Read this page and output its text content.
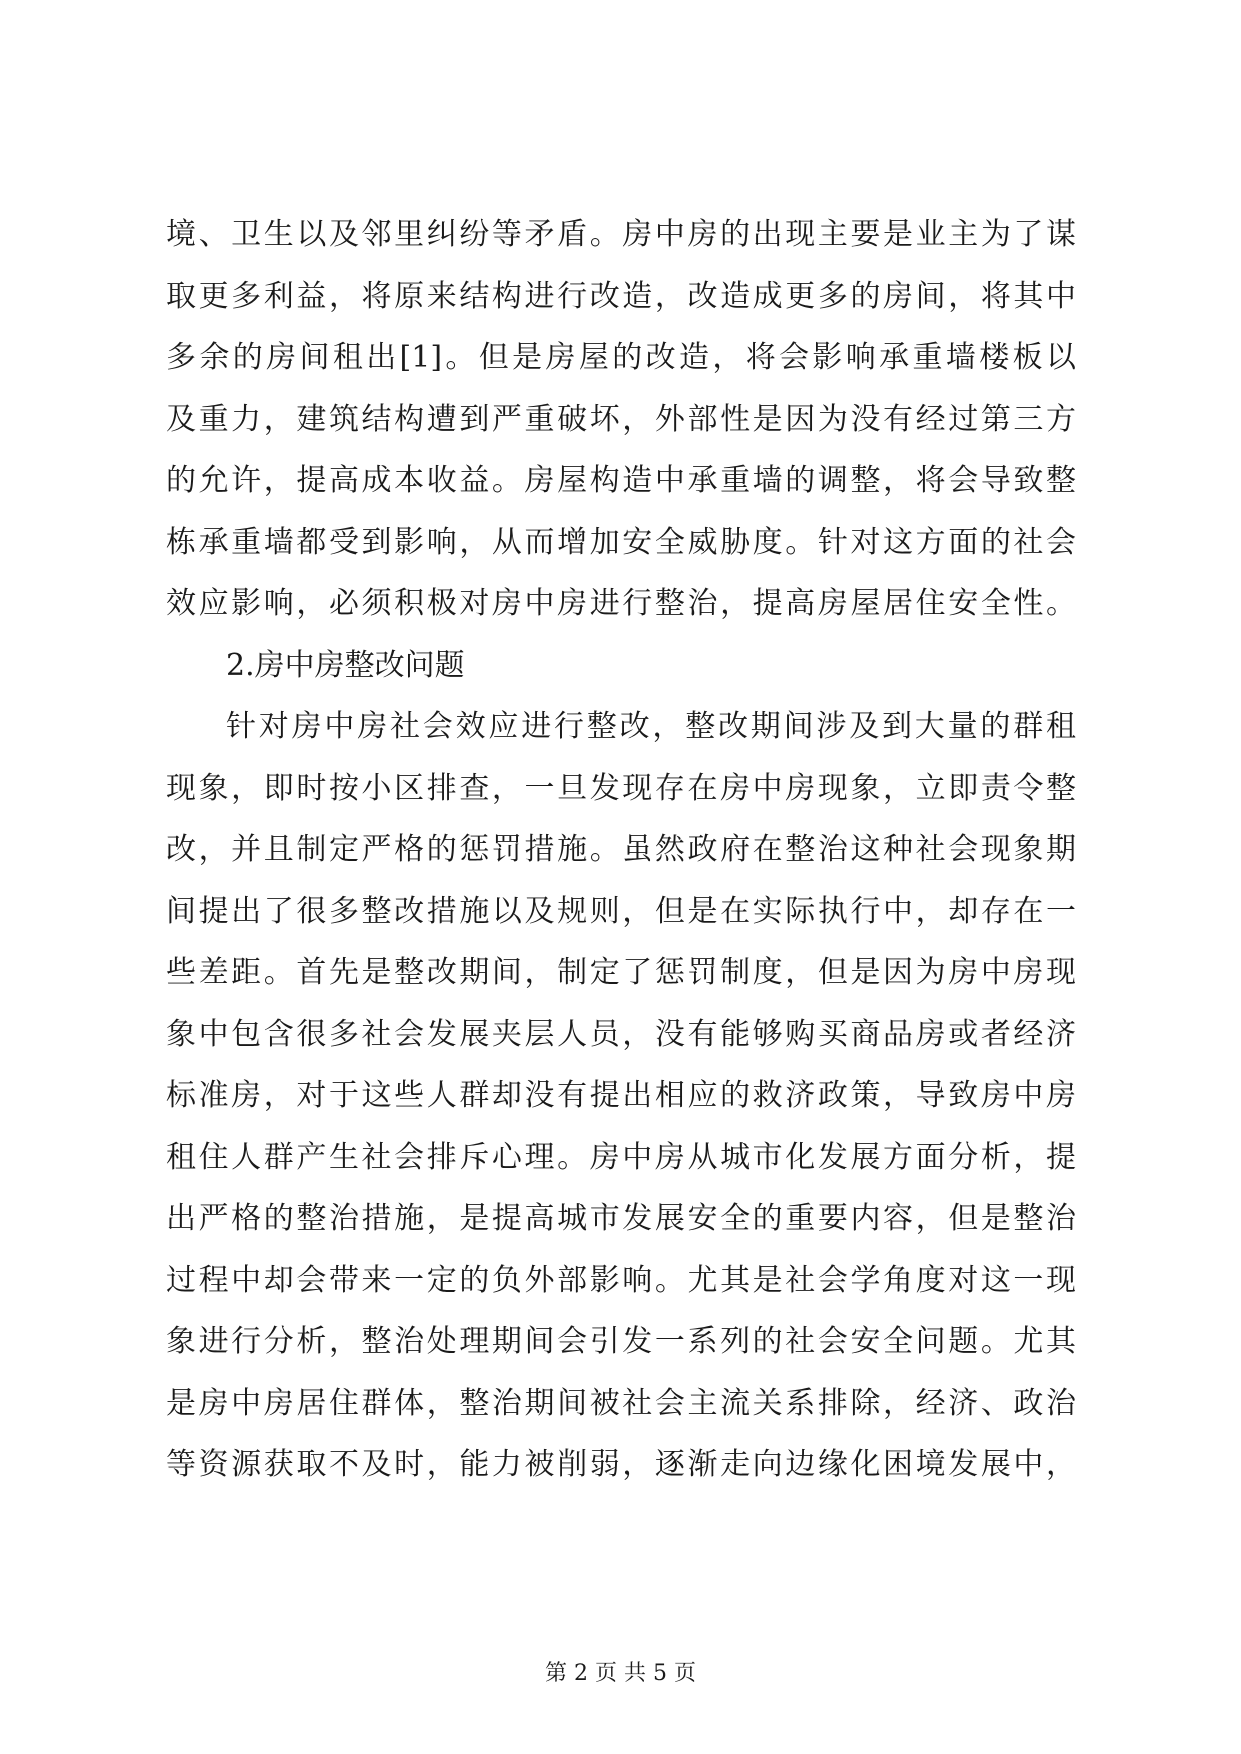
境、卫生以及邻里纠纷等矛盾。房中房的出现主要是业主为了谋
取更多利益，将原来结构进行改造，改造成更多的房间，将其中
多余的房间租出[1]。但是房屋的改造，将会影响承重墙楼板以
及重力，建筑结构遭到严重破坏，外部性是因为没有经过第三方
的允许，提高成本收益。房屋构造中承重墙的调整，将会导致整
栋承重墙都受到影响，从而增加安全威胁度。针对这方面的社会
效应影响，必须积极对房中房进行整治，提高房屋居住安全性。
2.房中房整改问题
针对房中房社会效应进行整改，整改期间涉及到大量的群租
现象，即时按小区排查，一旦发现存在房中房现象，立即责令整
改，并且制定严格的惩罚措施。虽然政府在整治这种社会现象期
间提出了很多整改措施以及规则，但是在实际执行中，却存在一
些差距。首先是整改期间，制定了惩罚制度，但是因为房中房现
象中包含很多社会发展夹层人员，没有能够购买商品房或者经济
标准房，对于这些人群却没有提出相应的救济政策，导致房中房
租住人群产生社会排斥心理。房中房从城市化发展方面分析，提
出严格的整治措施，是提高城市发展安全的重要内容，但是整治
过程中却会带来一定的负外部影响。尤其是社会学角度对这一现
象进行分析，整治处理期间会引发一系列的社会安全问题。尤其
是房中房居住群体，整治期间被社会主流关系排除，经济、政治
等资源获取不及时，能力被削弱，逐渐走向边缘化困境发展中，
第 2 页 共 5 页
